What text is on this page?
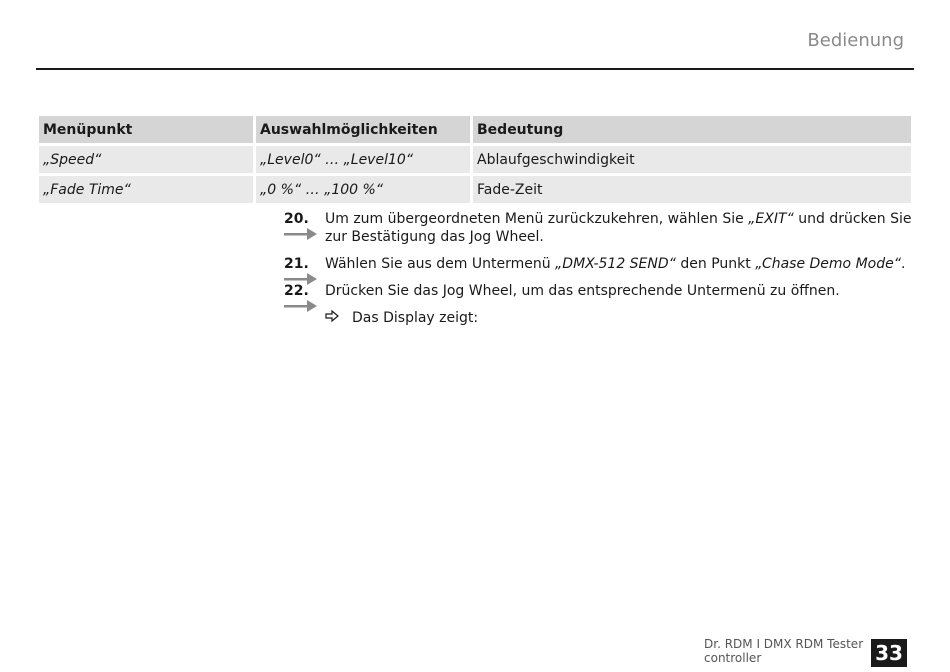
Bedienung
Menüpunkt	Auswahlmöglichkeiten	Bedeutung
„Speed“	„Level0“ … „Level10“	Ablaufgeschwindigkeit
„Fade Time“	„0 %“ … „100 %“	Fade-Zeit
20.	Um zum übergeordneten Menü zurückzukehren, wählen Sie „EXIT“ und drücken Sie zur Bestätigung das Jog Wheel.
21.	Wählen Sie aus dem Untermenü „DMX-512 SEND“ den Punkt „Chase Demo Mode“.
22.	Drücken Sie das Jog Wheel, um das entsprechende Untermenü zu öffnen.
Das Display zeigt:
Dr. RDM I DMX RDM Tester
controller	33
